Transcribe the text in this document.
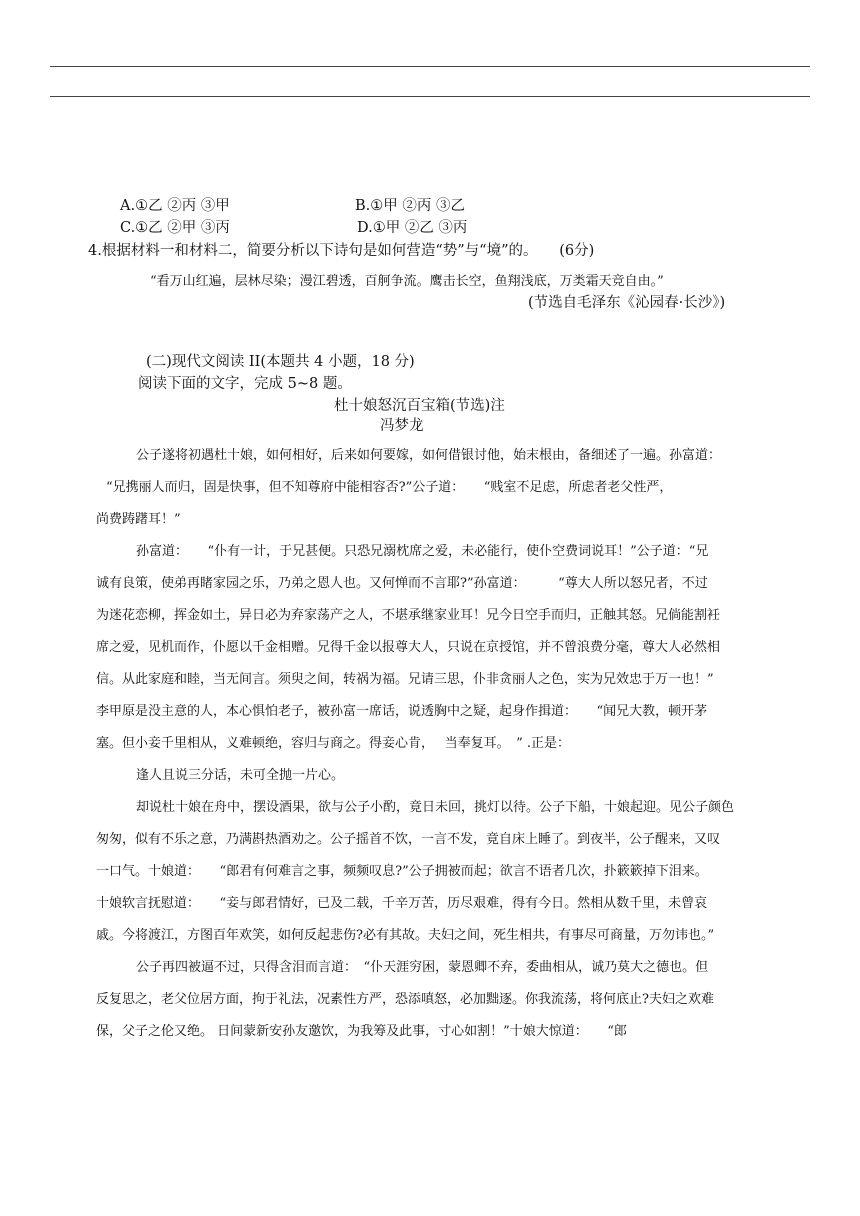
A.①乙 ②丙 ③甲	B.①甲 ②丙 ③乙
C.①乙 ②甲 ③丙	D.①甲 ②乙 ③丙
4.根据材料一和材料二，简要分析以下诗句是如何营造“势”与“境”的。　　(6分)
“看万山红遍，层林尽染；漫江碧透，百舸争流。鹰击长空，鱼翔浅底，万类霜天竞自由。”
(节选自毛泽东《沁园春·长沙》)
(二)现代文阅读 II(本题共 4 小题，18 分)
阅读下面的文字，完成 5~8 题。
杜十娘怒沉百宝箱(节选)注
冯梦龙
公子遂将初遇杜十娘，如何相好，后来如何要嫁，如何借银讨他，始末根由，备细述了一遍。孙富道：
“兄携丽人而归，固是快事，但不知尊府中能相容否?”公子道：　　“贱室不足虑，所虑者老父性严，
尚费踌躇耳！”
孙富道：　　“仆有一计，于兄甚便。只恐兄溺枕席之爱，未必能行，使仆空费词说耳！”公子道：“兄
诚有良策，使弟再睹家园之乐，乃弟之恩人也。又何惮而不言耶?”孙富道：　　　“尊大人所以怒兄者，不过
为迷花恋柳，挥金如土，异日必为弃家荡产之人，不堪承继家业耳！兄今日空手而归，正触其怒。兄倘能割衽
席之爱，见机而作，仆愿以千金相赠。兄得千金以报尊大人，只说在京授馆，并不曾浪费分毫，尊大人必然相
信。从此家庭和睦，当无间言。须臾之间，转祸为福。兄请三思，仆非贪丽人之色，实为兄效忠于万一也！”
李甲原是没主意的人，本心惧怕老子，被孙富一席话，说透胸中之疑，起身作揖道：　　“闻兄大教，顿开茅
塞。但小妾千里相从，义难顿绝，容归与商之。得妾心肯，　 当奉复耳。　” .正是：
逢人且说三分话，未可全抛一片心。
却说杜十娘在舟中，摆设酒果，欲与公子小酌，竟日未回，挑灯以待。公子下船，十娘起迎。见公子颜色
匆匆，似有不乐之意，乃满斟热酒劝之。公子摇首不饮，一言不发，竟自床上睡了。到夜半，公子醒来，又叹
一口气。十娘道：　　“郎君有何难言之事，频频叹息?”公子拥被而起；欲言不语者几次，扑簌簌掉下泪来。
十娘软言抚慰道：　　“妾与郎君情好，已及二载，千辛万苦，历尽艰难，得有今日。然相从数千里，未曾哀
戚。今将渡江，方图百年欢笑，如何反起悲伤?必有其故。夫妇之间，死生相共，有事尽可商量，万勿讳也。”
公子再四被逼不过，只得含泪而言道：　“仆天涯穷困，蒙恩卿不弃，委曲相从，诚乃莫大之德也。但
反复思之，老父位居方面，拘于礼法，况素性方严，恐添嗔怒，必加黜逐。你我流荡，将何底止?夫妇之欢难
保，父子之伦又绝。 日间蒙新安孙友邀饮，为我筹及此事，寸心如割！”十娘大惊道：　　“郎
